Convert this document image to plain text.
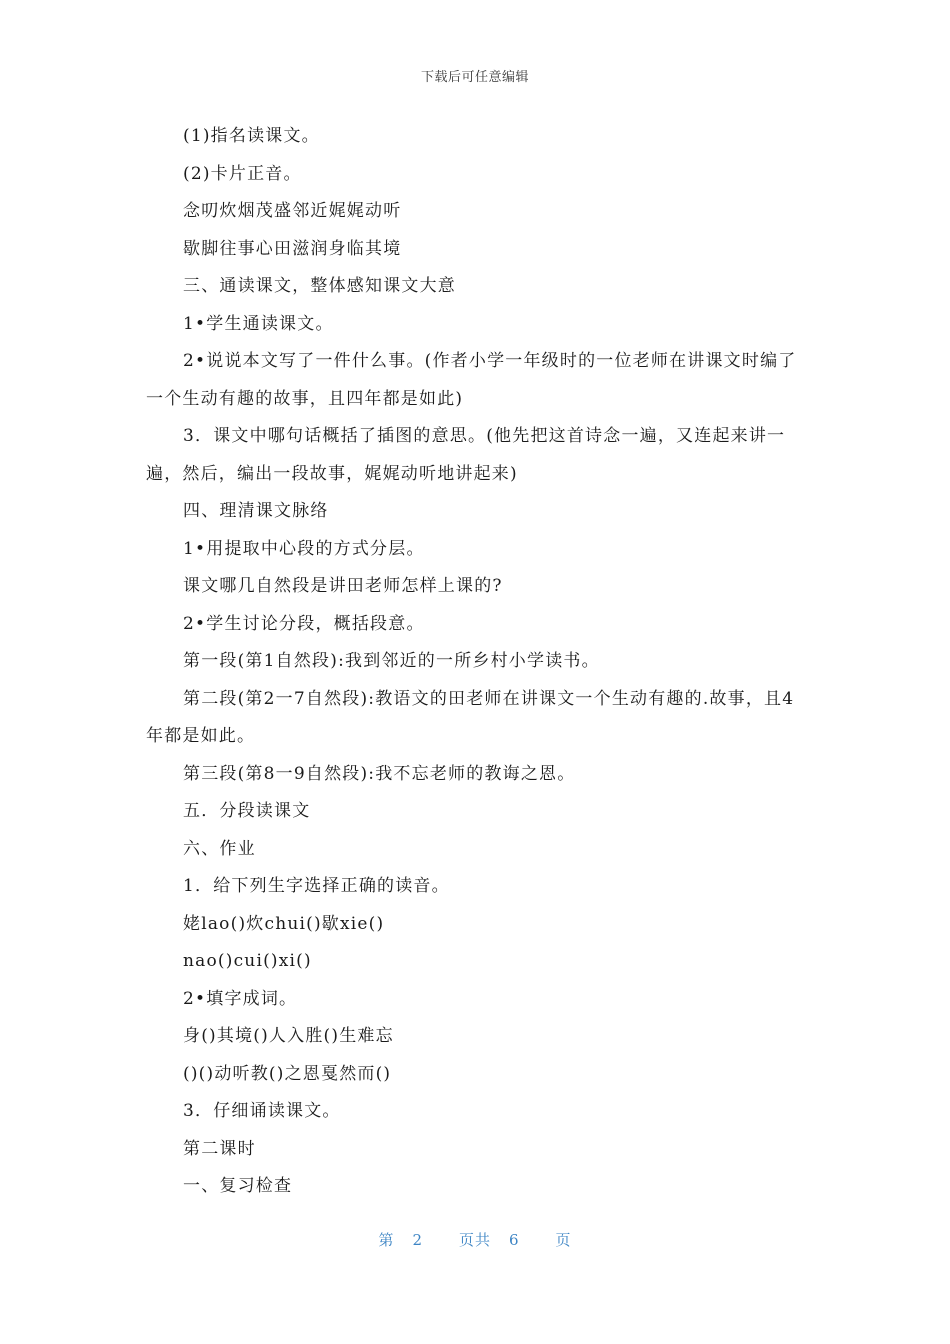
下载后可任意编辑
(1)指名读课文。
(2)卡片正音。
念叨炊烟茂盛邻近娓娓动听
歇脚往事心田滋润身临其境
三、通读课文，整体感知课文大意
1•学生通读课文。
2•说说本文写了一件什么事。(作者小学一年级时的一位老师在讲课文时编了一个生动有趣的故事，且四年都是如此)
3．课文中哪句话概括了插图的意思。(他先把这首诗念一遍，又连起来讲一遍，然后，编出一段故事，娓娓动听地讲起来)
四、理清课文脉络
1•用提取中心段的方式分层。
课文哪几自然段是讲田老师怎样上课的?
2•学生讨论分段，概括段意。
第一段(第1自然段):我到邻近的一所乡村小学读书。
第二段(第2一7自然段):教语文的田老师在讲课文一个生动有趣的.故事，且4年都是如此。
第三段(第8一9自然段):我不忘老师的教诲之恩。
五．分段读课文
六、作业
1．给下列生字选择正确的读音。
姥lao()炊chui()歇xie()
nao()cui()xi()
2•填字成词。
身()其境()人入胜()生难忘
()()动听教()之恩戛然而()
3．仔细诵读课文。
第二课时
一、复习检查
第 2 页共 6 页
